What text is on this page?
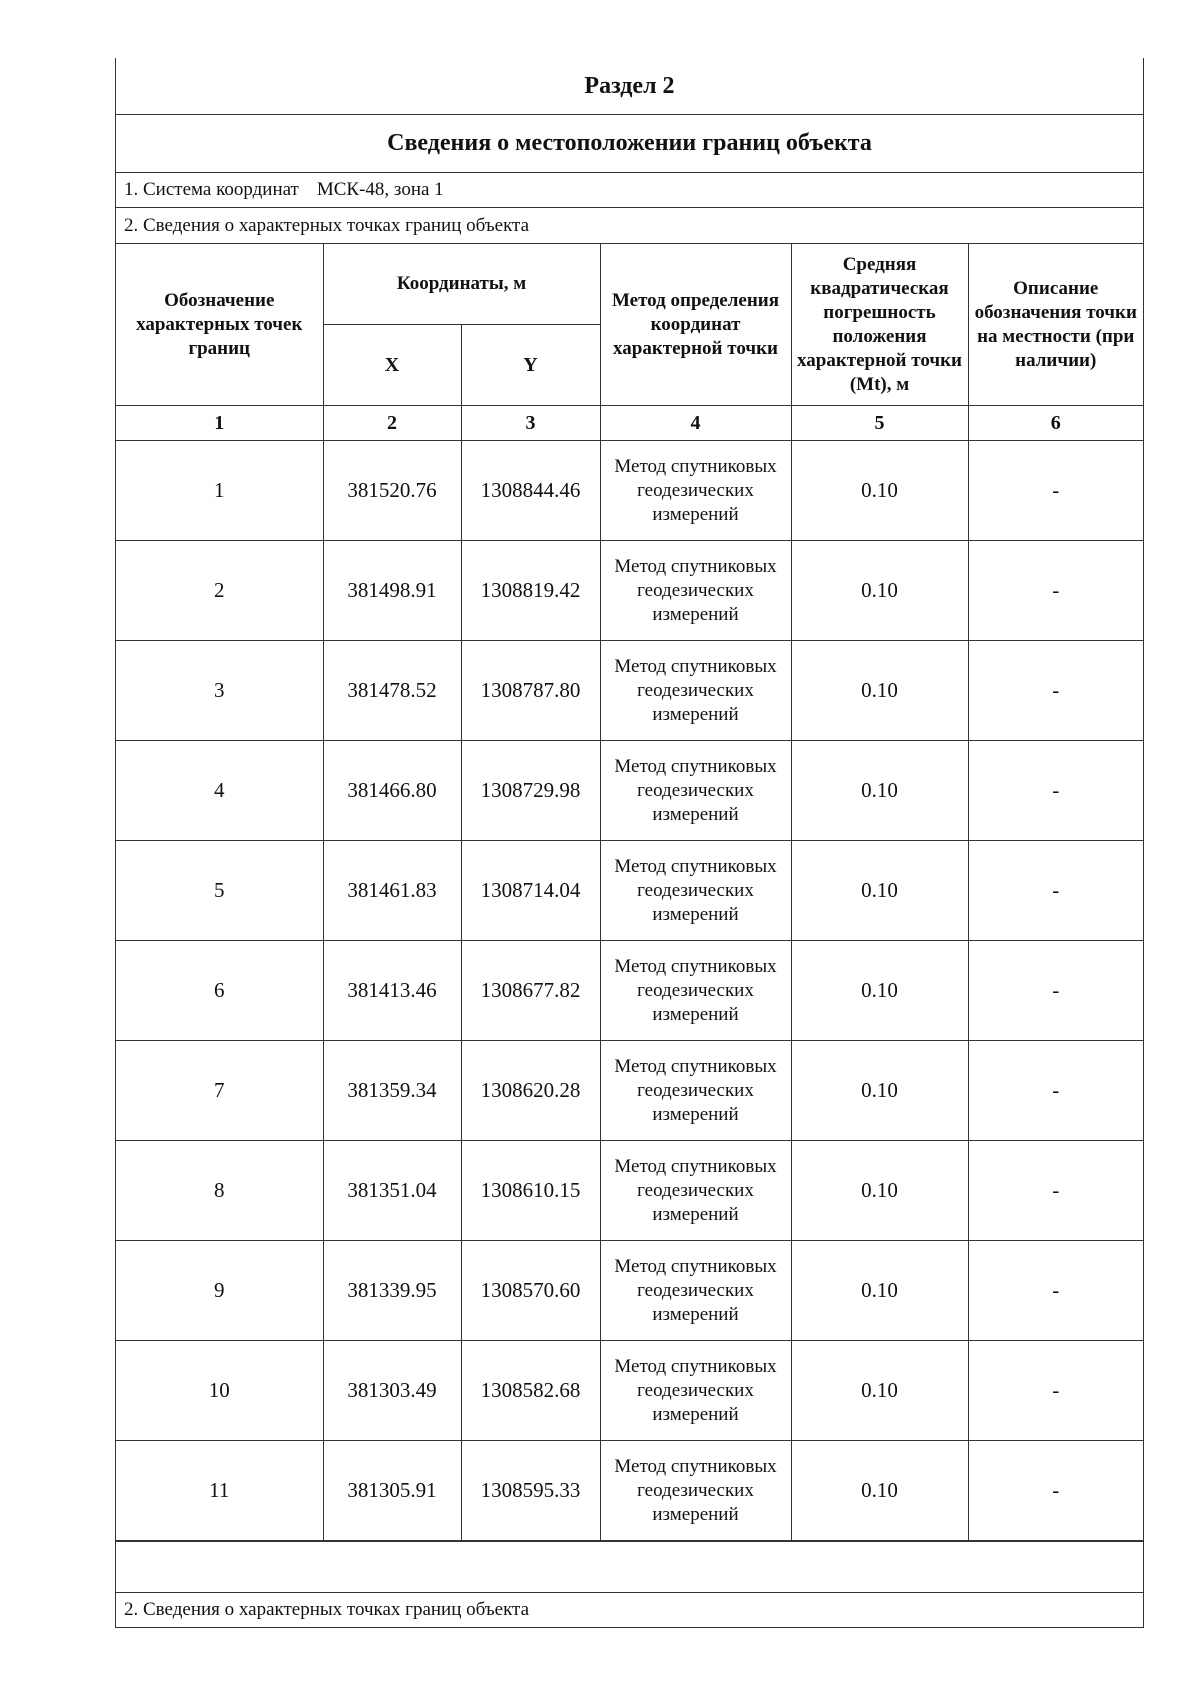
Раздел 2
Сведения о местоположении границ объекта
1. Система координат МСК-48, зона 1
2. Сведения о характерных точках границ объекта
Обозначение характерных точек границ	Координаты, м		Метод определения координат характерной точки	Средняя квадратическая погрешность положения характерной точки (Mt), м	Описание обозначения точки на местности (при наличии)
	X	Y			
1	2	3	4	5	6
1	381520.76	1308844.46	Метод спутниковых геодезических измерений	0.10	-
2	381498.91	1308819.42	Метод спутниковых геодезических измерений	0.10	-
3	381478.52	1308787.80	Метод спутниковых геодезических измерений	0.10	-
4	381466.80	1308729.98	Метод спутниковых геодезических измерений	0.10	-
5	381461.83	1308714.04	Метод спутниковых геодезических измерений	0.10	-
6	381413.46	1308677.82	Метод спутниковых геодезических измерений	0.10	-
7	381359.34	1308620.28	Метод спутниковых геодезических измерений	0.10	-
8	381351.04	1308610.15	Метод спутниковых геодезических измерений	0.10	-
9	381339.95	1308570.60	Метод спутниковых геодезических измерений	0.10	-
10	381303.49	1308582.68	Метод спутниковых геодезических измерений	0.10	-
11	381305.91	1308595.33	Метод спутниковых геодезических измерений	0.10	-
2. Сведения о характерных точках границ объекта
